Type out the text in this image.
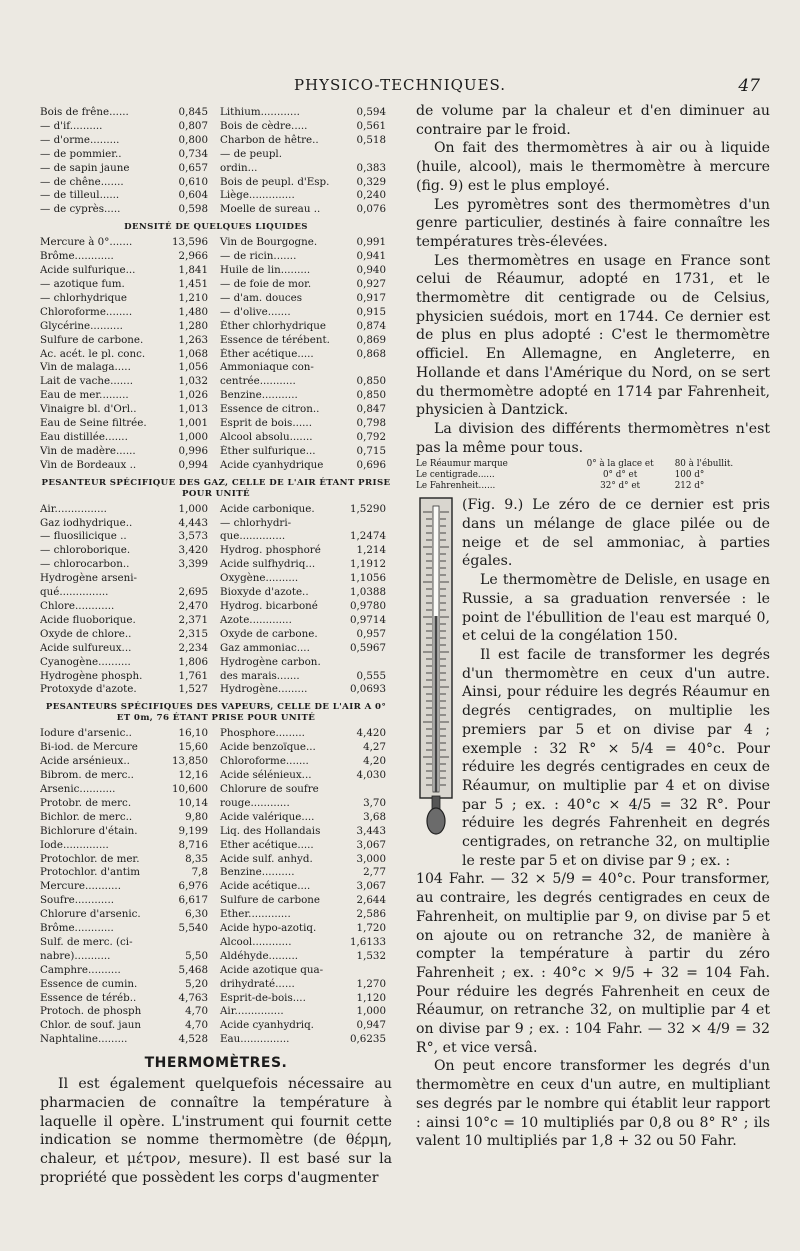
PHYSICO-TECHNIQUES.	47
Bois de frêne......	0,845	Lithium............	0,594
— d'if..........	0,807	Bois de cèdre.....	0,561
— d'orme.........	0,800	Charbon de hêtre..	0,518
— de pommier..	0,734	— de peupl.	
— de sapin jaune	0,657	ordin...	0,383
— de chêne.......	0,610	Bois de peupl. d'Esp.	0,329
— de tilleul......	0,604	Liège..............	0,240
— de cyprès.....	0,598	Moelle de sureau ..	0,076
DENSITÉ DE QUELQUES LIQUIDES
Mercure à 0°.......	13,596	Vin de Bourgogne.	0,991
Brôme............	2,966	— de ricin.......	0,941
Acide sulfurique...	1,841	Huile de lin.........	0,940
— azotique fum.	1,451	— de foie de mor.	0,927
— chlorhydrique	1,210	— d'am. douces	0,917
Chloroforme........	1,480	— d'olive.......	0,915
Glycérine..........	1,280	Éther chlorhydrique	0,874
Sulfure de carbone.	1,263	Essence de térébent.	0,869
Ac. acét. le pl. conc.	1,068	Éther acétique.....	0,868
Vin de malaga.....	1,056	Ammoniaque con-	
Lait de vache.......	1,032	centrée...........	0,850
Eau de mer.........	1,026	Benzine...........	0,850
Vinaigre bl. d'Orl..	1,013	Essence de citron..	0,847
Eau de Seine filtrée.	1,001	Esprit de bois......	0,798
Eau distillée.......	1,000	Alcool absolu.......	0,792
Vin de madère......	0,996	Éther sulfurique...	0,715
Vin de Bordeaux ..	0,994	Acide cyanhydrique	0,696
PESANTEUR SPÉCIFIQUE DES GAZ, CELLE DE L'AIR ÉTANT PRISE POUR UNITÉ
Air................	1,000	Acide carbonique.	1,5290
Gaz iodhydrique..	4,443	— chlorhydri-	
— fluosilicique ..	3,573	que..............	1,2474
— chloroborique.	3,420	Hydrog. phosphoré	1,214
— chlorocarbon..	3,399	Acide sulfhydriq...	1,1912
Hydrogène arseni-		Oxygène..........	1,1056
qué...............	2,695	Bioxyde d'azote..	1,0388
Chlore............	2,470	Hydrog. bicarboné	0,9780
Acide fluoborique.	2,371	Azote.............	0,9714
Oxyde de chlore..	2,315	Oxyde de carbone.	0,957
Acide sulfureux...	2,234	Gaz ammoniac....	0,5967
Cyanogène..........	1,806	Hydrogène carbon.	
Hydrogène phosph.	1,761	des marais.......	0,555
Protoxyde d'azote.	1,527	Hydrogène.........	0,0693
PESANTEURS SPÉCIFIQUES DES VAPEURS, CELLE DE L'AIR A 0° ET 0m, 76 ÉTANT PRISE POUR UNITÉ
Iodure d'arsenic..	16,10	Phosphore.........	4,420
Bi-iod. de Mercure	15,60	Acide benzoïque...	4,27
Acide arsénieux..	13,850	Chloroforme.......	4,20
Bibrom. de merc..	12,16	Acide sélénieux...	4,030
Arsenic...........	10,600	Chlorure de soufre	
Protobr. de merc.	10,14	rouge............	3,70
Bichlor. de merc..	9,80	Acide valérique....	3,68
Bichlorure d'étain.	9,199	Liq. des Hollandais	3,443
Iode..............	8,716	Ether acétique.....	3,067
Protochlor. de mer.	8,35	Acide sulf. anhyd.	3,000
Protochlor. d'antim	7,8	Benzine..........	2,77
Mercure...........	6,976	Acide acétique....	3,067
Soufre............	6,617	Sulfure de carbone	2,644
Chlorure d'arsenic.	6,30	Ether.............	2,586
Brôme............	5,540	Acide hypo-azotiq.	1,720
Sulf. de merc. (ci-		Alcool............	1,6133
nabre)...........	5,50	Aldéhyde.........	1,532
Camphre..........	5,468	Acide azotique qua-	
Essence de cumin.	5,20	drihydraté......	1,270
Essence de téréb..	4,763	Esprit-de-bois....	1,120
Protoch. de phosph	4,70	Air...............	1,000
Chlor. de souf. jaun	4,70	Acide cyanhydriq.	0,947
Naphtaline.........	4,528	Eau...............	0,6235
THERMOMÈTRES.

Il est également quelquefois nécessaire au pharmacien de connaître la température à laquelle il opère. L'instrument qui fournit cette indication se nomme thermomètre (de θέρμη, chaleur, et μέτρον, mesure). Il est basé sur la propriété que possèdent les corps d'augmenter

de volume par la chaleur et d'en diminuer au contraire par le froid.

On fait des thermomètres à air ou à liquide (huile, alcool), mais le thermomètre à mercure (fig. 9) est le plus employé.

Les pyromètres sont des thermomètres d'un genre particulier, destinés à faire connaître les températures très-élevées.

Les thermomètres en usage en France sont celui de Réaumur, adopté en 1731, et le thermomètre dit centigrade ou de Celsius, physicien suédois, mort en 1744. Ce dernier est de plus en plus adopté : C'est le thermomètre officiel. En Allemagne, en Angleterre, en Hollande et dans l'Amérique du Nord, on se sert du thermomètre adopté en 1714 par Fahrenheit, physicien à Dantzick.

La division des différents thermomètres n'est pas la même pour tous.

Le Réaumur marque	0° à la glace et	80 à l'ébullit.
Le centigrade......	0° d° et	100 d°
Le Fahrenheit......	32° d° et	212 d°

(Fig. 9.) Le zéro de ce dernier est pris dans un mélange de glace pilée ou de neige et de sel ammoniac, à parties égales.

Le thermomètre de Delisle, en usage en Russie, a sa graduation renversée : le point de l'ébullition de l'eau est marqué 0, et celui de la congélation 150.

Il est facile de transformer les degrés d'un thermomètre en ceux d'un autre. Ainsi, pour réduire les degrés Réaumur en degrés centigrades, on multiplie les premiers par 5 et on divise par 4 ; exemple : 32 R° × 5/4 = 40°c. Pour réduire les degrés centigrades en ceux de Réaumur, on multiplie par 4 et on divise par 5 ; ex. : 40°c × 4/5 = 32 R°. Pour réduire les degrés Fahrenheit en degrés centigrades, on retranche 32, on multiplie le reste par 5 et on divise par 9 ; ex. :

104 Fahr. — 32 × 5/9 = 40°c. Pour transformer, au contraire, les degrés centigrades en ceux de Fahrenheit, on multiplie par 9, on divise par 5 et on ajoute ou on retranche 32, de manière à compter la température à partir du zéro Fahrenheit ; ex. : 40°c × 9/5 + 32 = 104 Fah. Pour réduire les degrés Fahrenheit en ceux de Réaumur, on retranche 32, on multiplie par 4 et on divise par 9 ; ex. : 104 Fahr. — 32 × 4/9 = 32 R°, et vice versâ.

On peut encore transformer les degrés d'un thermomètre en ceux d'un autre, en multipliant ses degrés par le nombre qui établit leur rapport : ainsi 10°c = 10 multipliés par 0,8 ou 8° R° ; ils valent 10 multipliés par 1,8 + 32 ou 50 Fahr.
